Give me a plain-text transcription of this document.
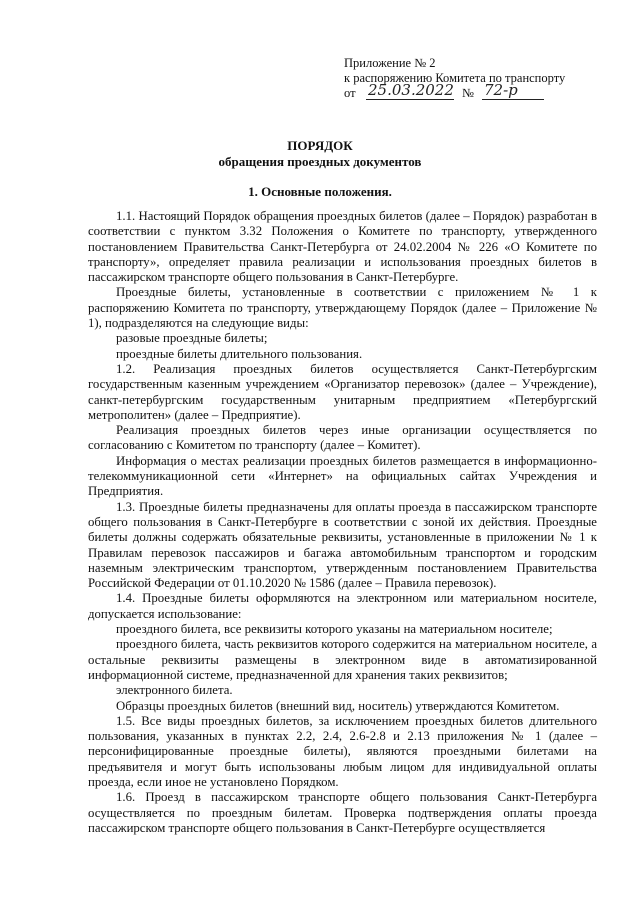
Приложение № 2
к распоряжению Комитета по транспорту
от 25.03.2022 № 72-р
ПОРЯДОК
обращения проездных документов
1. Основные положения.

1.1. Настоящий Порядок обращения проездных билетов (далее – Порядок) разработан в соответствии с пунктом 3.32 Положения о Комитете по транспорту, утвержденного постановлением Правительства Санкт-Петербурга от 24.02.2004 № 226 «О Комитете по транспорту», определяет правила реализации и использования проездных билетов в пассажирском транспорте общего пользования в Санкт-Петербурге.

Проездные билеты, установленные в соответствии с приложением № 1 к распоряжению Комитета по транспорту, утверждающему Порядок (далее – Приложение № 1), подразделяются на следующие виды:

разовые проездные билеты;

проездные билеты длительного пользования.

1.2. Реализация проездных билетов осуществляется Санкт-Петербургским государственным казенным учреждением «Организатор перевозок» (далее – Учреждение), санкт-петербургским государственным унитарным предприятием «Петербургский метрополитен» (далее – Предприятие).

Реализация проездных билетов через иные организации осуществляется по согласованию с Комитетом по транспорту (далее – Комитет).

Информация о местах реализации проездных билетов размещается в информационно-телекоммуникационной сети «Интернет» на официальных сайтах Учреждения и Предприятия.

1.3. Проездные билеты предназначены для оплаты проезда в пассажирском транспорте общего пользования в Санкт-Петербурге в соответствии с зоной их действия. Проездные билеты должны содержать обязательные реквизиты, установленные в приложении № 1 к Правилам перевозок пассажиров и багажа автомобильным транспортом и городским наземным электрическим транспортом, утвержденным постановлением Правительства Российской Федерации от 01.10.2020 № 1586 (далее – Правила перевозок).

1.4. Проездные билеты оформляются на электронном или материальном носителе, допускается использование:

проездного билета, все реквизиты которого указаны на материальном носителе;

проездного билета, часть реквизитов которого содержится на материальном носителе, а остальные реквизиты размещены в электронном виде в автоматизированной информационной системе, предназначенной для хранения таких реквизитов;

электронного билета.

Образцы проездных билетов (внешний вид, носитель) утверждаются Комитетом.

1.5. Все виды проездных билетов, за исключением проездных билетов длительного пользования, указанных в пунктах 2.2, 2.4, 2.6-2.8 и 2.13 приложения № 1 (далее – персонифицированные проездные билеты), являются проездными билетами на предъявителя и могут быть использованы любым лицом для индивидуальной оплаты проезда, если иное не установлено Порядком.

1.6. Проезд в пассажирском транспорте общего пользования Санкт-Петербурга осуществляется по проездным билетам. Проверка подтверждения оплаты проезда пассажирском транспорте общего пользования в Санкт-Петербурге осуществляется
